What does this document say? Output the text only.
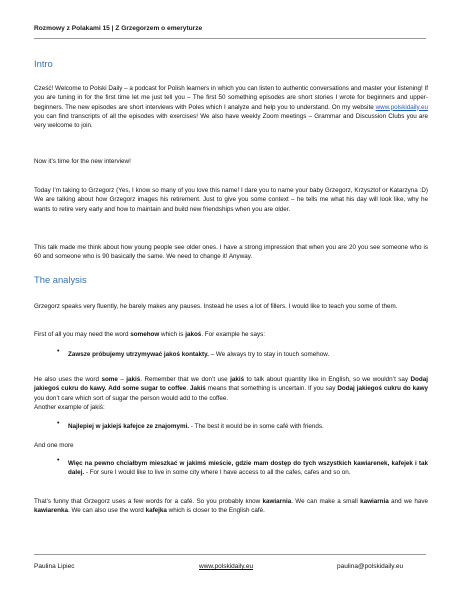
Rozmowy z Polakami 15 | Z Grzegorzem o emeryturze
Intro

Cześć! Welcome to Polski Daily – a podcast for Polish learners in which you can listen to authentic conversations and master your listening! If you are tuning in for the first time let me just tell you – The first 50 something episodes are short stories I wrote for beginners and upper-beginners. The new episodes are short interviews with Poles which I analyze and help you to understand. On my website www.polskidaily.eu you can find transcripts of all the episodes with exercises! We also have weekly Zoom meetings – Grammar and Discussion Clubs you are very welcome to join.

Now it’s time for the new interview!

Today I’m taking to Grzegorz (Yes, I know so many of you love this name! I dare you to name your baby Grzegorz, Krzysztof or Katarzyna :D) We are talking about how Grzegorz images his retirement. Just to give you some context – he tells me what his day will look like, why he wants to retire very early and how to maintain and build new friendships when you are older.

This talk made me think about how young people see older ones. I have a strong impression that when you are 20 you see someone who is 60 and someone who is 90 basically the same. We need to change it! Anyway.

The analysis

Grzegorz speaks very fluently, he barely makes any pauses. Instead he uses a lot of fillers. I would like to teach you some of them.

First of all you may need the word somehow which is jakoś. For example he says:

• Zawsze próbujemy utrzymywać jakoś kontakty. – We always try to stay in touch somehow.

He also uses the word some – jakiś. Remember that we don’t use jakiś to talk about quantity like in English, so we wouldn’t say Dodaj jakiegoś cukru do kawy. Add some sugar to coffee. Jakiś means that something is uncertain. If you say Dodaj jakiegoś cukru do kawy you don’t care which sort of sugar the person would add to the coffee.

Another example of jakiś:

• Najlepiej w jakiejś kafejce ze znajomymi. - The best it would be in some café with friends.

And one more

• Więc na pewno chciałbym mieszkać w jakimś mieście, gdzie mam dostęp do tych wszystkich kawiarenek, kafejek i tak dalej. - For sure I would like to live in some city where I have access to all the cafes, cafes and so on.

That’s funny that Grzegorz uses a few words for a café. So you probably know kawiarnia. We can make a small kawiarnia and we have kawiarenka. We can also use the word kafejka which is closer to the English café.

Paulina Lipiec	www.polskidaily.eu	paulina@polskidaily.eu
